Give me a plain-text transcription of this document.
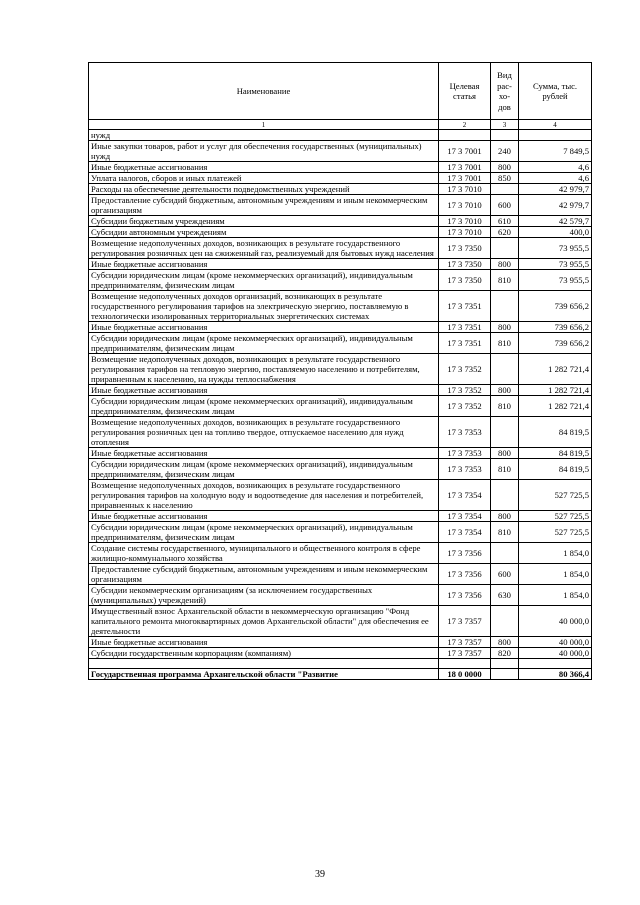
Наименование	Целевая статья	Вид рас-хо-дов	Сумма, тыс. рублей
1	2	3	4
нужд			
Иные закупки товаров, работ и услуг для обеспечения государственных (муниципальных) нужд	17 3 7001	240	7 849,5
Иные бюджетные ассигнования	17 3 7001	800	4,6
Уплата налогов, сборов и иных платежей	17 3 7001	850	4,6
Расходы на обеспечение деятельности подведомственных учреждений	17 3 7010		42 979,7
Предоставление субсидий бюджетным, автономным учреждениям и иным некоммерческим организациям	17 3 7010	600	42 979,7
Субсидии бюджетным учреждениям	17 3 7010	610	42 579,7
Субсидии автономным учреждениям	17 3 7010	620	400,0
Возмещение недополученных доходов, возникающих в результате государственного регулирования розничных цен на сжиженный газ, реализуемый для бытовых нужд населения	17 3 7350		73 955,5
Иные бюджетные ассигнования	17 3 7350	800	73 955,5
Субсидии юридическим лицам (кроме некоммерческих организаций), индивидуальным предпринимателям, физическим лицам	17 3 7350	810	73 955,5
Возмещение недополученных доходов организаций, возникающих в результате государственного регулирования тарифов на электрическую энергию, поставляемую в технологически изолированных территориальных энергетических системах	17 3 7351		739 656,2
Иные бюджетные ассигнования	17 3 7351	800	739 656,2
Субсидии юридическим лицам (кроме некоммерческих организаций), индивидуальным предпринимателям, физическим лицам	17 3 7351	810	739 656,2
Возмещение недополученных доходов, возникающих в результате государственного регулирования тарифов на тепловую энергию, поставляемую населению и потребителям, приравненным к населению, на нужды теплоснабжения	17 3 7352		1 282 721,4
Иные бюджетные ассигнования	17 3 7352	800	1 282 721,4
Субсидии юридическим лицам (кроме некоммерческих организаций), индивидуальным предпринимателям, физическим лицам	17 3 7352	810	1 282 721,4
Возмещение недополученных доходов, возникающих в результате государственного регулирования розничных цен на топливо твердое, отпускаемое населению для нужд отопления	17 3 7353		84 819,5
Иные бюджетные ассигнования	17 3 7353	800	84 819,5
Субсидии юридическим лицам (кроме некоммерческих организаций), индивидуальным предпринимателям, физическим лицам	17 3 7353	810	84 819,5
Возмещение недополученных доходов, возникающих в результате государственного регулирования тарифов на холодную воду и водоотведение для населения и потребителей, приравненных к населению	17 3 7354		527 725,5
Иные бюджетные ассигнования	17 3 7354	800	527 725,5
Субсидии юридическим лицам (кроме некоммерческих организаций), индивидуальным предпринимателям, физическим лицам	17 3 7354	810	527 725,5
Создание системы государственного, муниципального и общественного контроля в сфере жилищно-коммунального хозяйства	17 3 7356		1 854,0
Предоставление субсидий бюджетным, автономным учреждениям и иным некоммерческим организациям	17 3 7356	600	1 854,0
Субсидии некоммерческим организациям (за исключением государственных (муниципальных) учреждений)	17 3 7356	630	1 854,0
Имущественный взнос Архангельской области в некоммерческую организацию "Фонд капитального ремонта многоквартирных домов Архангельской области" для обеспечения ее деятельности	17 3 7357		40 000,0
Иные бюджетные ассигнования	17 3 7357	800	40 000,0
Субсидии государственным корпорациям (компаниям)	17 3 7357	820	40 000,0

Государственная программа Архангельской области "Развитие	18 0 0000		80 366,4
39
